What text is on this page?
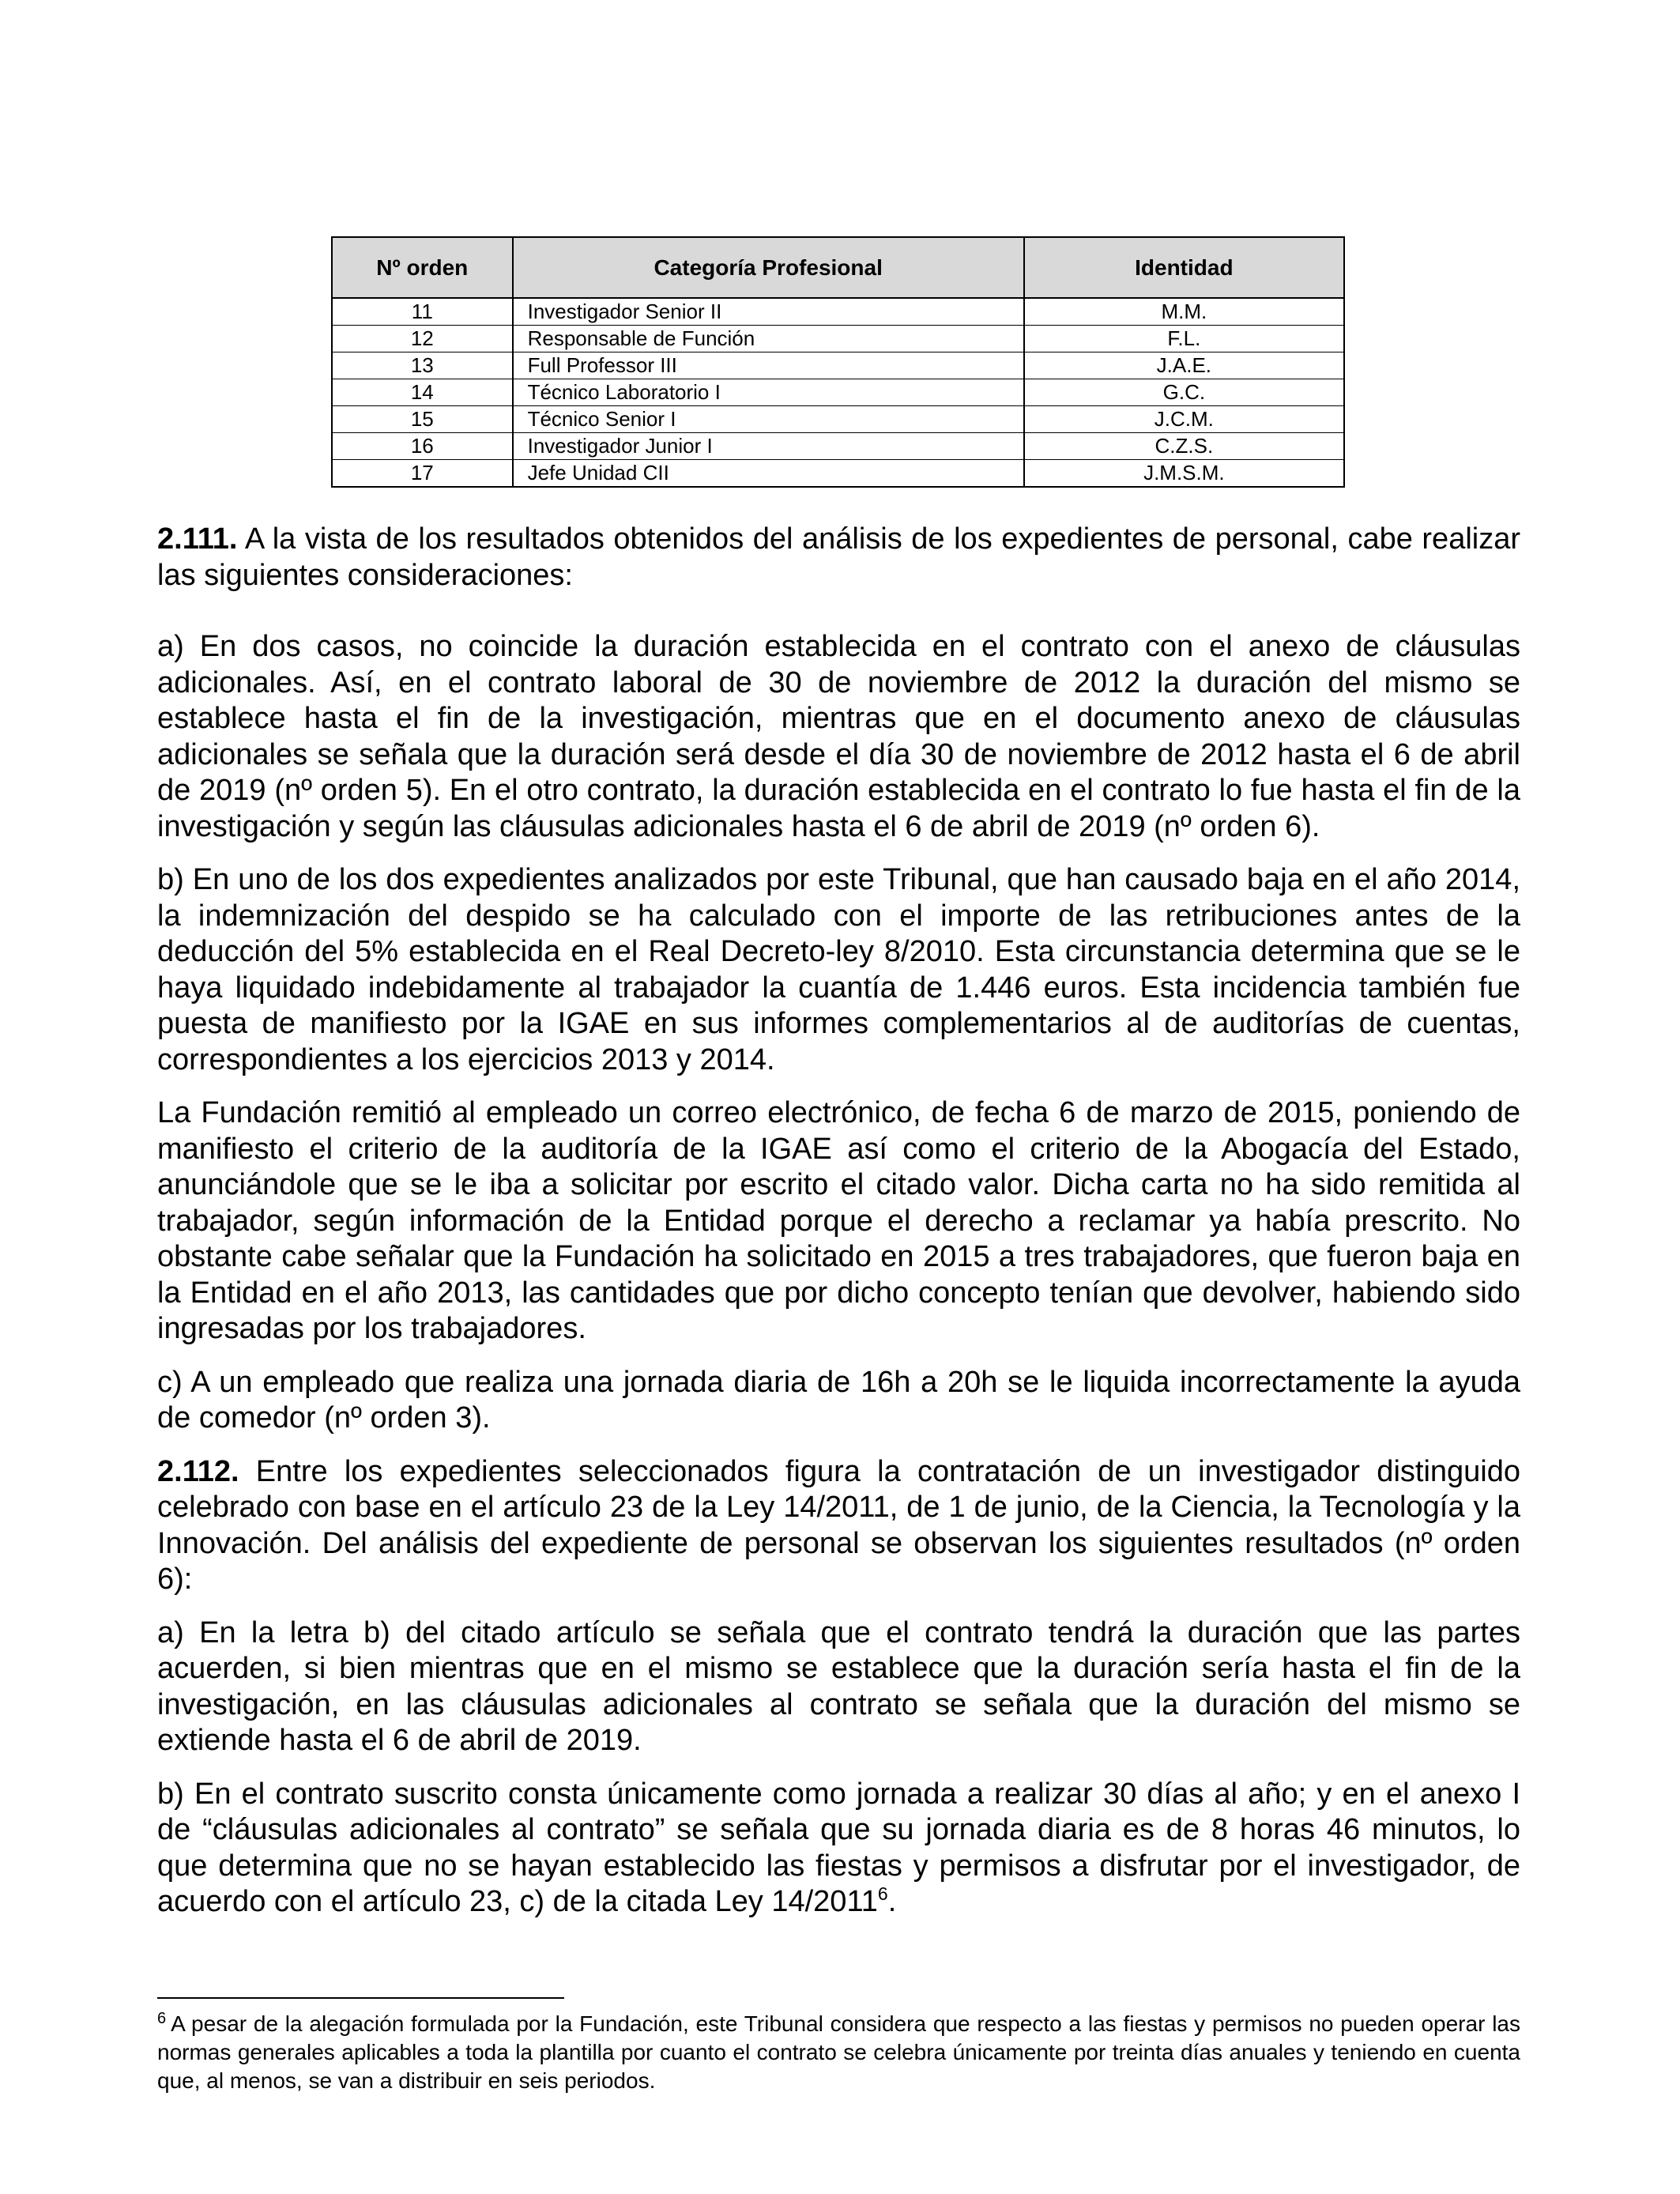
Nº orden	Categoría Profesional	Identidad
11	Investigador Senior II	M.M.
12	Responsable de Función	F.L.
13	Full Professor III	J.A.E.
14	Técnico Laboratorio I	G.C.
15	Técnico Senior I	J.C.M.
16	Investigador Junior I	C.Z.S.
17	Jefe Unidad CII	J.M.S.M.

2.111. A la vista de los resultados obtenidos del análisis de los expedientes de personal, cabe realizar las siguientes consideraciones:

a) En dos casos, no coincide la duración establecida en el contrato con el anexo de cláusulas adicionales. Así, en el contrato laboral de 30 de noviembre de 2012 la duración del mismo se establece hasta el fin de la investigación, mientras que en el documento anexo de cláusulas adicionales se señala que la duración será desde el día 30 de noviembre de 2012 hasta el 6 de abril de 2019 (nº orden 5). En el otro contrato, la duración establecida en el contrato lo fue hasta el fin de la investigación y según las cláusulas adicionales hasta el 6 de abril de 2019 (nº orden 6).

b) En uno de los dos expedientes analizados por este Tribunal, que han causado baja en el año 2014, la indemnización del despido se ha calculado con el importe de las retribuciones antes de la deducción del 5% establecida en el Real Decreto-ley 8/2010. Esta circunstancia determina que se le haya liquidado indebidamente al trabajador la cuantía de 1.446 euros. Esta incidencia también fue puesta de manifiesto por la IGAE en sus informes complementarios al de auditorías de cuentas, correspondientes a los ejercicios 2013 y 2014.

La Fundación remitió al empleado un correo electrónico, de fecha 6 de marzo de 2015, poniendo de manifiesto el criterio de la auditoría de la IGAE así como el criterio de la Abogacía del Estado, anunciándole que se le iba a solicitar por escrito el citado valor. Dicha carta no ha sido remitida al trabajador, según información de la Entidad porque el derecho a reclamar ya había prescrito. No obstante cabe señalar que la Fundación ha solicitado en 2015 a tres trabajadores, que fueron baja en la Entidad en el año 2013, las cantidades que por dicho concepto tenían que devolver, habiendo sido ingresadas por los trabajadores.

c) A un empleado que realiza una jornada diaria de 16h a 20h se le liquida incorrectamente la ayuda de comedor (nº orden 3).

2.112. Entre los expedientes seleccionados figura la contratación de un investigador distinguido celebrado con base en el artículo 23 de la Ley 14/2011, de 1 de junio, de la Ciencia, la Tecnología y la Innovación. Del análisis del expediente de personal se observan los siguientes resultados (nº orden 6):

a) En la letra b) del citado artículo se señala que el contrato tendrá la duración que las partes acuerden, si bien mientras que en el mismo se establece que la duración sería hasta el fin de la investigación, en las cláusulas adicionales al contrato se señala que la duración del mismo se extiende hasta el 6 de abril de 2019.

b) En el contrato suscrito consta únicamente como jornada a realizar 30 días al año; y en el anexo I de “cláusulas adicionales al contrato” se señala que su jornada diaria es de 8 horas 46 minutos, lo que determina que no se hayan establecido las fiestas y permisos a disfrutar por el investigador, de acuerdo con el artículo 23, c) de la citada Ley 14/2011$^6$.

$^6$ A pesar de la alegación formulada por la Fundación, este Tribunal considera que respecto a las fiestas y permisos no pueden operar las normas generales aplicables a toda la plantilla por cuanto el contrato se celebra únicamente por treinta días anuales y teniendo en cuenta que, al menos, se van a distribuir en seis periodos.
